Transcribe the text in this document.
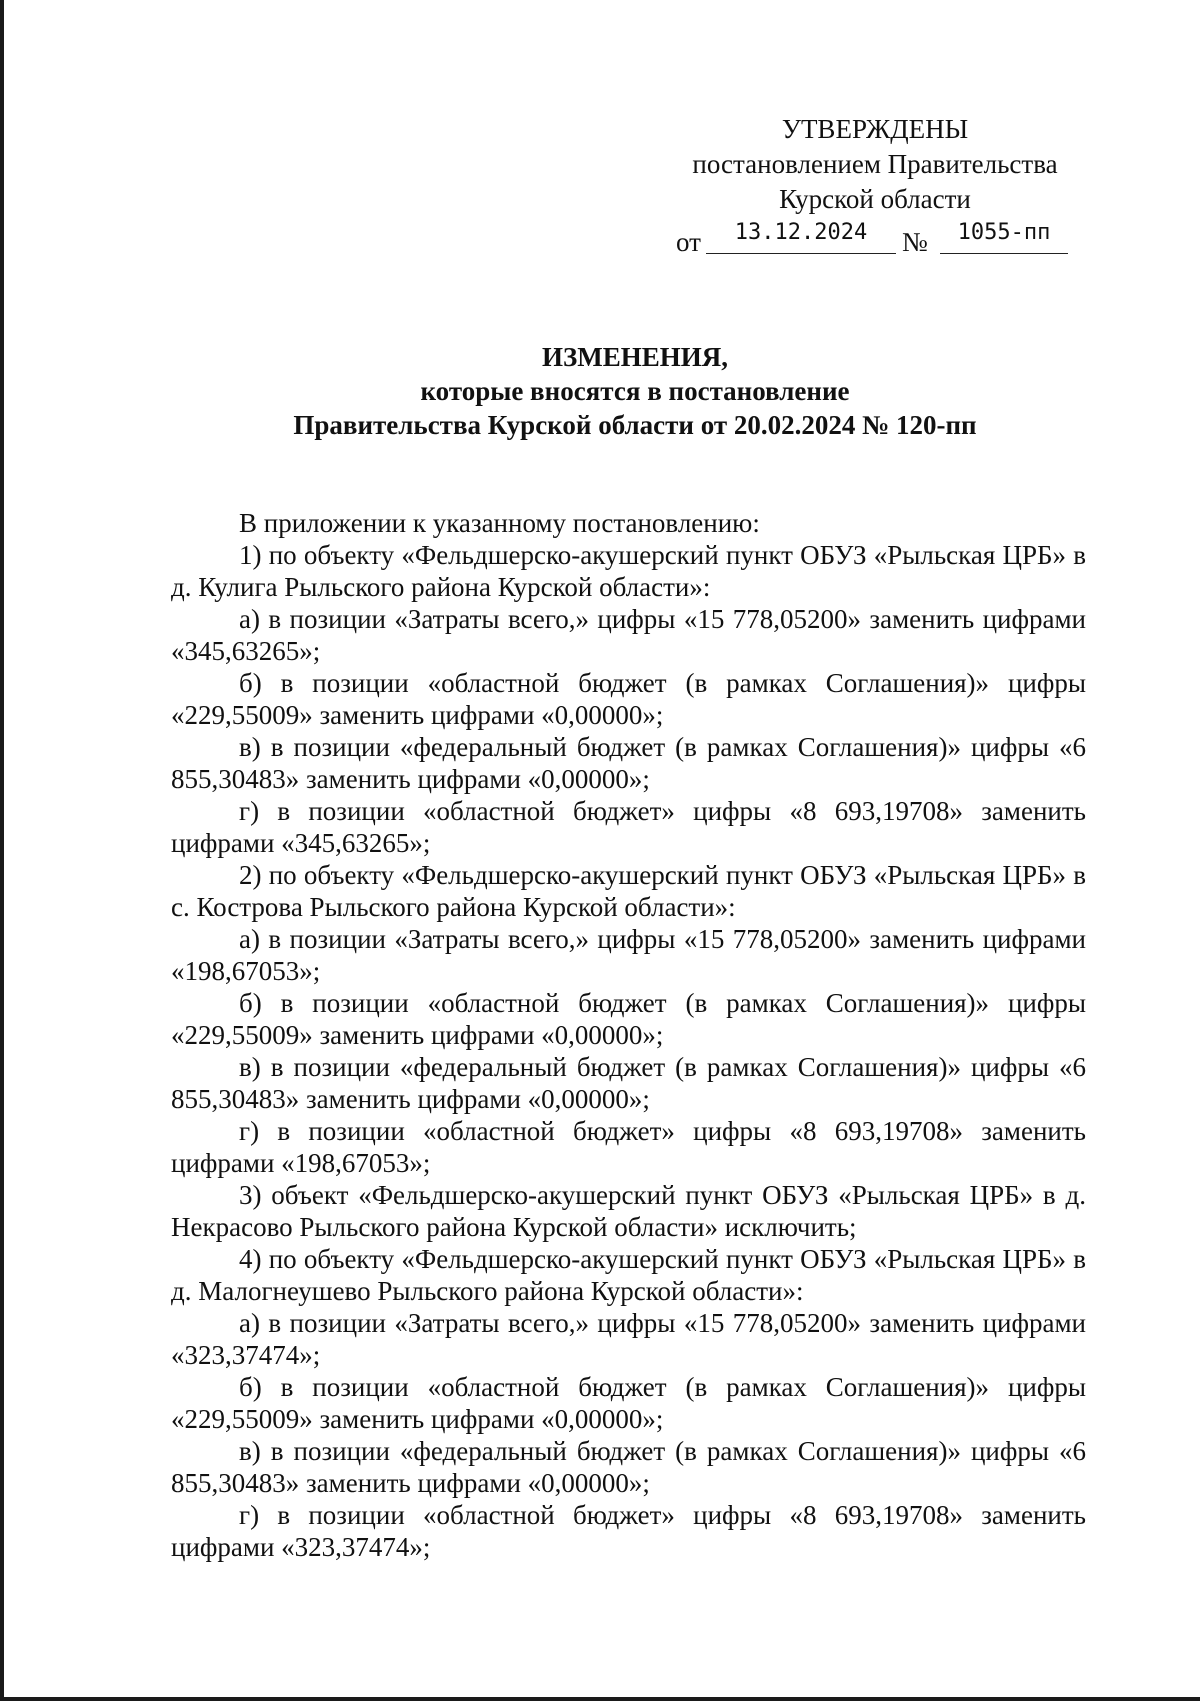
УТВЕРЖДЕНЫ
постановлением Правительства
Курской области
от	13.12.2024	№	1055-пп
ИЗМЕНЕНИЯ,
которые вносятся в постановление
Правительства Курской области от 20.02.2024 № 120-пп

В приложении к указанному постановлению:

1) по объекту «Фельдшерско-акушерский пункт ОБУЗ «Рыльская ЦРБ» в д. Кулига Рыльского района Курской области»:

а) в позиции «Затраты всего,» цифры «15 778,05200» заменить цифрами «345,63265»;

б) в позиции «областной бюджет (в рамках Соглашения)» цифры «229,55009» заменить цифрами «0,00000»;

в) в позиции «федеральный бюджет (в рамках Соглашения)» цифры «6 855,30483» заменить цифрами «0,00000»;

г) в позиции «областной бюджет» цифры «8 693,19708» заменить цифрами «345,63265»;

2) по объекту «Фельдшерско-акушерский пункт ОБУЗ «Рыльская ЦРБ» в с. Кострова Рыльского района Курской области»:

а) в позиции «Затраты всего,» цифры «15 778,05200» заменить цифрами «198,67053»;

б) в позиции «областной бюджет (в рамках Соглашения)» цифры «229,55009» заменить цифрами «0,00000»;

в) в позиции «федеральный бюджет (в рамках Соглашения)» цифры «6 855,30483» заменить цифрами «0,00000»;

г) в позиции «областной бюджет» цифры «8 693,19708» заменить цифрами «198,67053»;

3) объект «Фельдшерско-акушерский пункт ОБУЗ «Рыльская ЦРБ» в д. Некрасово Рыльского района Курской области» исключить;

4) по объекту «Фельдшерско-акушерский пункт ОБУЗ «Рыльская ЦРБ» в д. Малогнеушево Рыльского района Курской области»:

а) в позиции «Затраты всего,» цифры «15 778,05200» заменить цифрами «323,37474»;

б) в позиции «областной бюджет (в рамках Соглашения)» цифры «229,55009» заменить цифрами «0,00000»;

в) в позиции «федеральный бюджет (в рамках Соглашения)» цифры «6 855,30483» заменить цифрами «0,00000»;

г) в позиции «областной бюджет» цифры «8 693,19708» заменить цифрами «323,37474»;
